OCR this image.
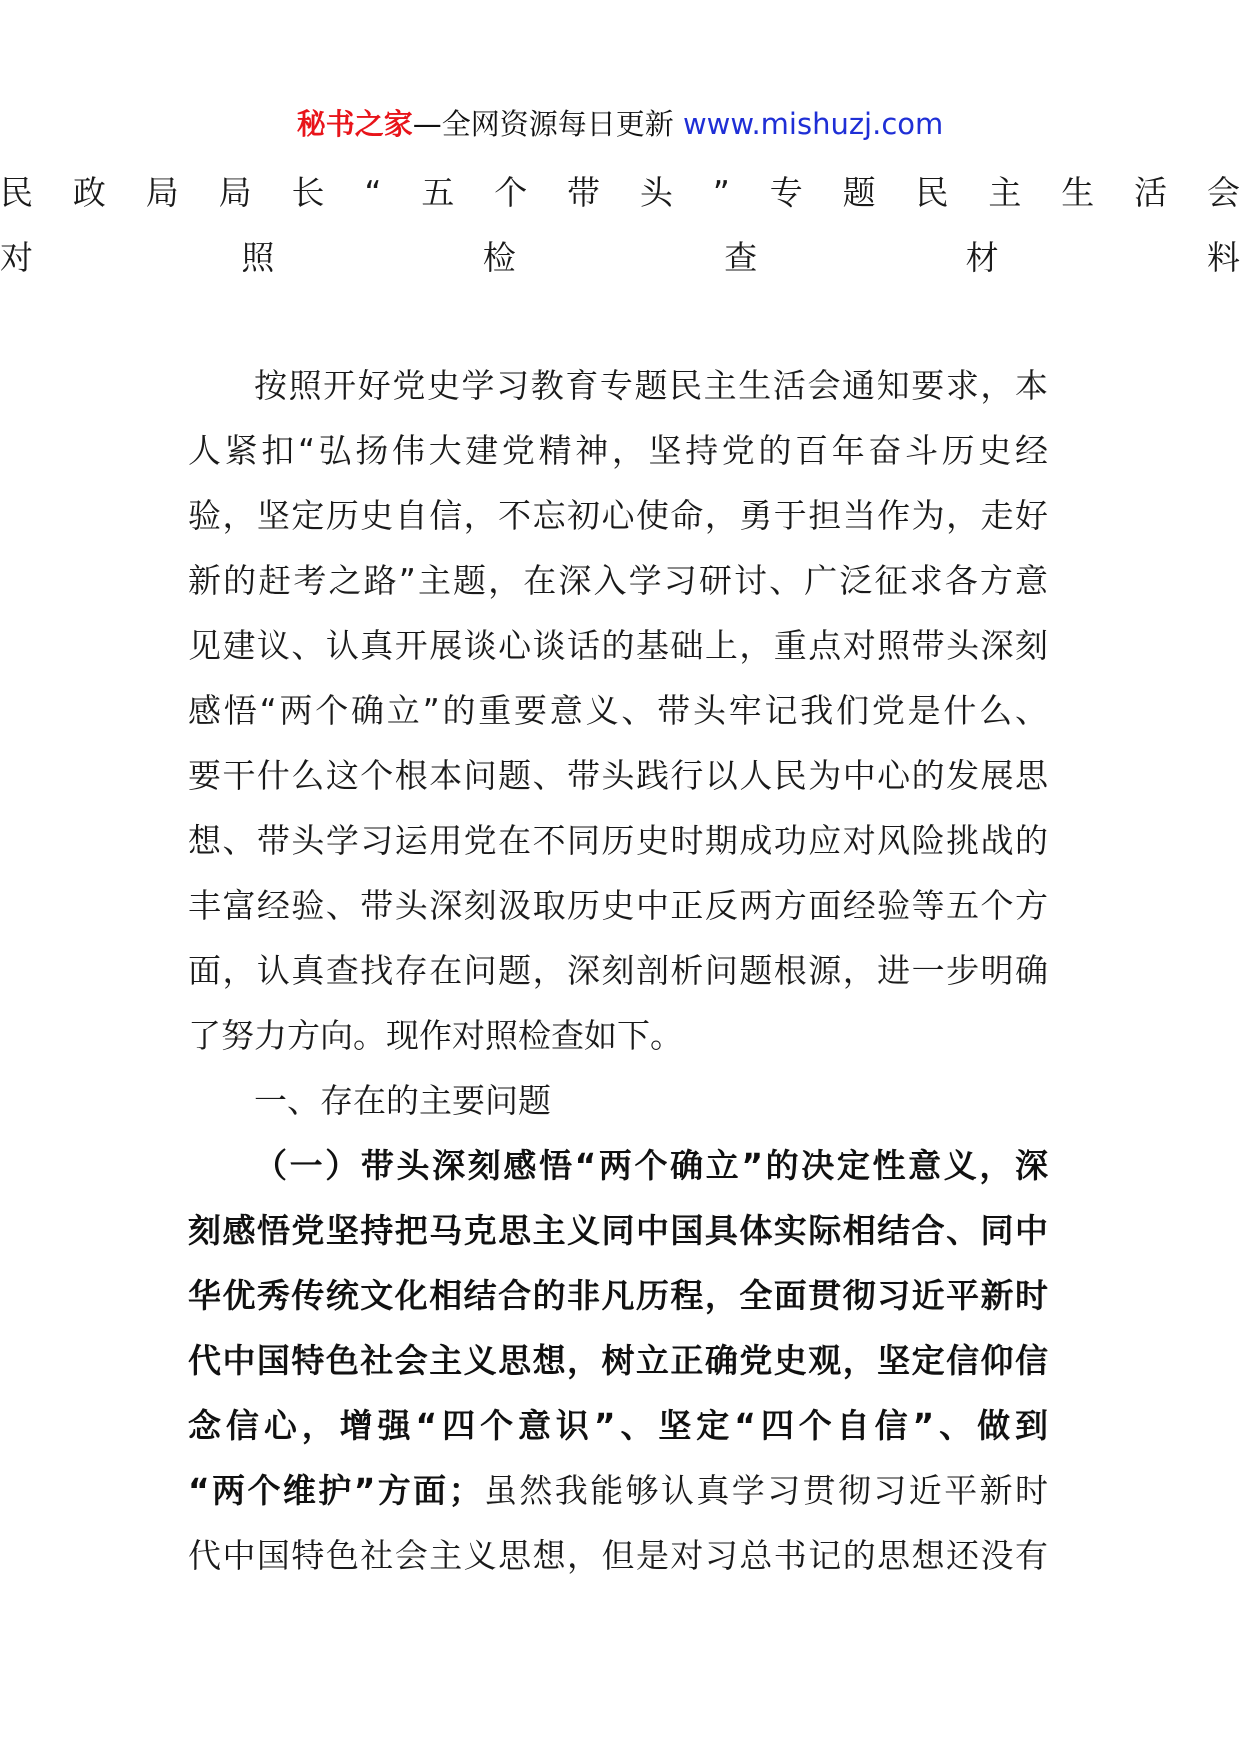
秘书之家—全网资源每日更新 www.mishuzj.com
民政局局长“五个带头”专题民主生活会
对照检查材料
按照开好党史学习教育专题民主生活会通知要求，本
人紧扣“弘扬伟大建党精神，坚持党的百年奋斗历史经
验，坚定历史自信，不忘初心使命，勇于担当作为，走好
新的赶考之路”主题，在深入学习研讨、广泛征求各方意
见建议、认真开展谈心谈话的基础上，重点对照带头深刻
感悟“两个确立”的重要意义、带头牢记我们党是什么、
要干什么这个根本问题、带头践行以人民为中心的发展思
想、带头学习运用党在不同历史时期成功应对风险挑战的
丰富经验、带头深刻汲取历史中正反两方面经验等五个方
面，认真查找存在问题，深刻剖析问题根源，进一步明确
了努力方向。现作对照检查如下。
一、存在的主要问题
（一）带头深刻感悟“两个确立”的决定性意义，深
刻感悟党坚持把马克思主义同中国具体实际相结合、同中
华优秀传统文化相结合的非凡历程，全面贯彻习近平新时
代中国特色社会主义思想，树立正确党史观，坚定信仰信
念信心，增强“四个意识”、坚定“四个自信”、做到
“两个维护”方面；虽然我能够认真学习贯彻习近平新时
代中国特色社会主义思想，但是对习总书记的思想还没有
